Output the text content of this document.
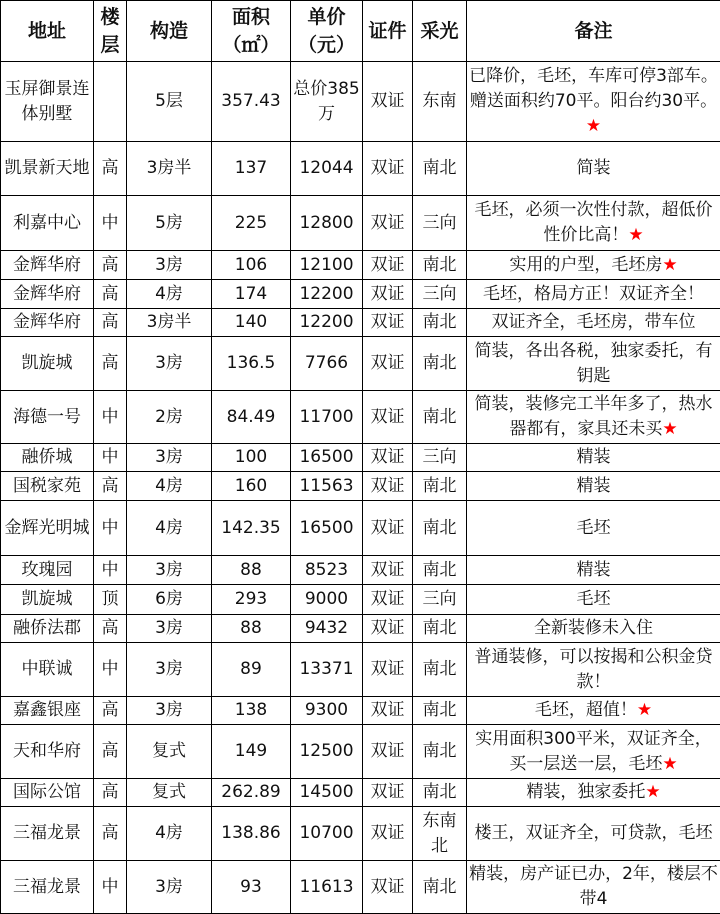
地址	楼层	构造	面积（㎡）	单价（元）	证件	采光	备注
玉屏御景连体别墅		5层	357.43	总价385万	双证	东南	已降价，毛坯，车库可停3部车。赠送面积约70平。阳台约30平。★
凯景新天地	高	3房半	137	12044	双证	南北	简装
利嘉中心	中	5房	225	12800	双证	三向	毛坯，必须一次性付款，超低价性价比高！★
金辉华府	高	3房	106	12100	双证	南北	实用的户型，毛坯房★
金辉华府	高	4房	174	12200	双证	三向	毛坯，格局方正！双证齐全！
金辉华府	高	3房半	140	12200	双证	南北	双证齐全，毛坯房，带车位
凯旋城	高	3房	136.5	7766	双证	南北	简装，各出各税，独家委托，有钥匙
海德一号	中	2房	84.49	11700	双证	南北	简装，装修完工半年多了，热水器都有，家具还未买★
融侨城	中	3房	100	16500	双证	三向	精装
国税家苑	高	4房	160	11563	双证	南北	精装
金辉光明城	中	4房	142.35	16500	双证	南北	毛坯
玫瑰园	中	3房	88	8523	双证	南北	精装
凯旋城	顶	6房	293	9000	双证	三向	毛坯
融侨法郡	高	3房	88	9432	双证	南北	全新装修未入住
中联诚	中	3房	89	13371	双证	南北	普通装修，可以按揭和公积金贷款！
嘉鑫银座	高	3房	138	9300	双证	南北	毛坯，超值！★
天和华府	高	复式	149	12500	双证	南北	实用面积300平米，双证齐全，买一层送一层，毛坯★
国际公馆	高	复式	262.89	14500	双证	南北	精装，独家委托★
三福龙景	高	4房	138.86	10700	双证	东南北	楼王，双证齐全，可贷款，毛坯
三福龙景	中	3房	93	11613	双证	南北	精装，房产证已办，2年，楼层不带4
